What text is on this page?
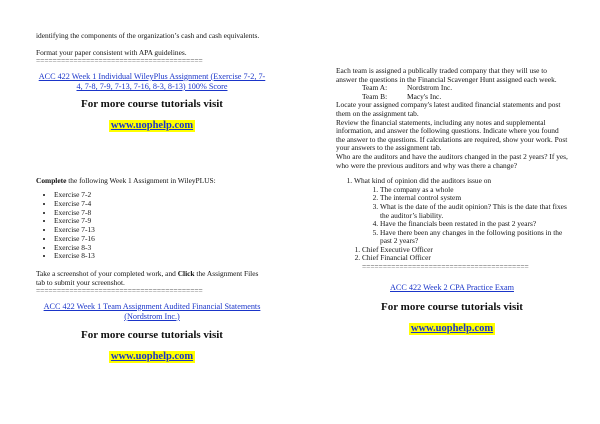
identifying the components of the organization’s cash and cash equivalents.

Format your paper consistent with APA guidelines.

========================================

ACC 422 Week 1 Individual WileyPlus Assignment (Exercise 7-2, 7-4, 7-8, 7-9, 7-13, 7-16, 8-3, 8-13) 100% Score

For more course tutorials visit

www.uophelp.com

Complete the following Week 1 Assignment in WileyPLUS:

• Exercise 7-2
• Exercise 7-4
• Exercise 7-8
• Exercise 7-9
• Exercise 7-13
• Exercise 7-16
• Exercise 8-3
• Exercise 8-13

Take a screenshot of your completed work, and Click the Assignment Files tab to submit your screenshot.

========================================

ACC 422 Week 1 Team Assignment Audited Financial Statements (Nordstrom Inc.)

For more course tutorials visit

www.uophelp.com

Each team is assigned a publically traded company that they will use to answer the questions in the Financial Scavenger Hunt assigned each week.

Team A:	Nordstrom Inc.

Team B:	Macy's Inc.

Locate your assigned company's latest audited financial statements and post them on the assignment tab.

Review the financial statements, including any notes and supplemental information, and answer the following questions. Indicate where you found the answer to the questions. If calculations are required, show your work. Post your answers to the assignment tab.

Who are the auditors and have the auditors changed in the past 2 years? If yes, who were the previous auditors and why was there a change?

1. What kind of opinion did the auditors issue on
1. The company as a whole
2. The internal control system
3. What is the date of the audit opinion? This is the date that fixes the auditor’s liability.
4. Have the financials been restated in the past 2 years?
5. Have there been any changes in the following positions in the past 2 years?
1. Chief Executive Officer
2. Chief Financial Officer
3. ========================================

ACC 422 Week 2 CPA Practice Exam

For more course tutorials visit

www.uophelp.com
